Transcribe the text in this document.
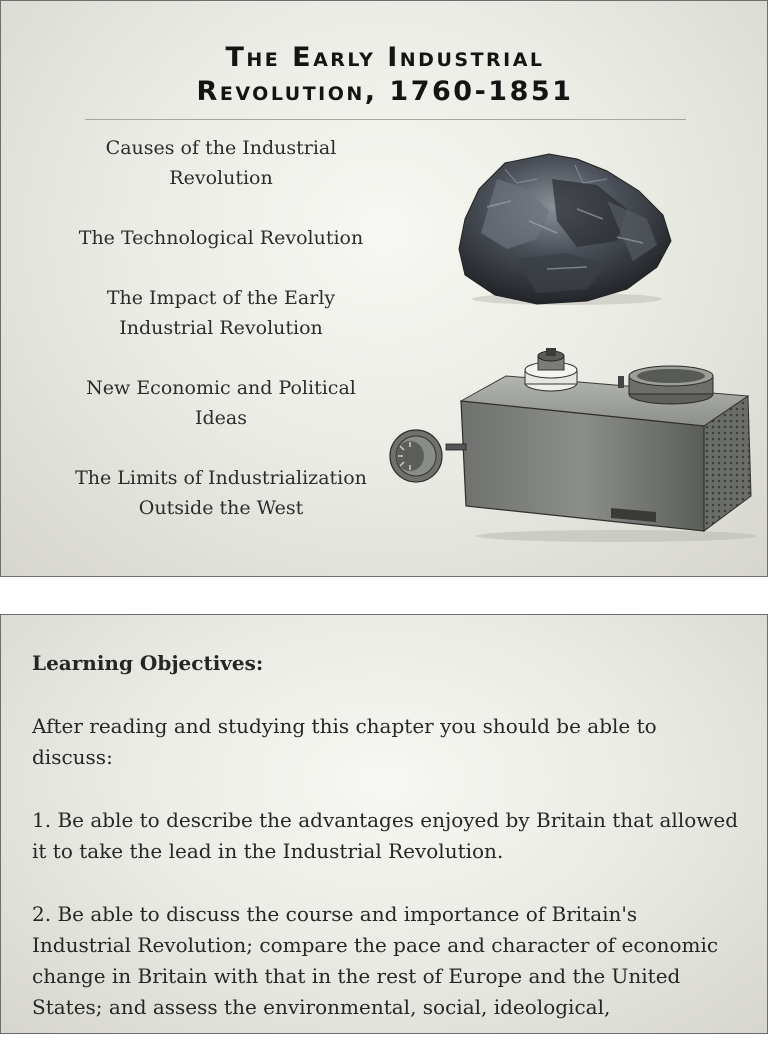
The Early Industrial
Revolution, 1760-1851
Causes of the Industrial Revolution
The Technological Revolution
The Impact of the Early Industrial Revolution
New Economic and Political Ideas
The Limits of Industrialization Outside the West

Learning Objectives:

After reading and studying this chapter you should be able to discuss:

1. Be able to describe the advantages enjoyed by Britain that allowed it to take the lead in the Industrial Revolution.

2. Be able to discuss the course and importance of Britain's Industrial Revolution; compare the pace and character of economic change in Britain with that in the rest of Europe and the United States; and assess the environmental, social, ideological,
